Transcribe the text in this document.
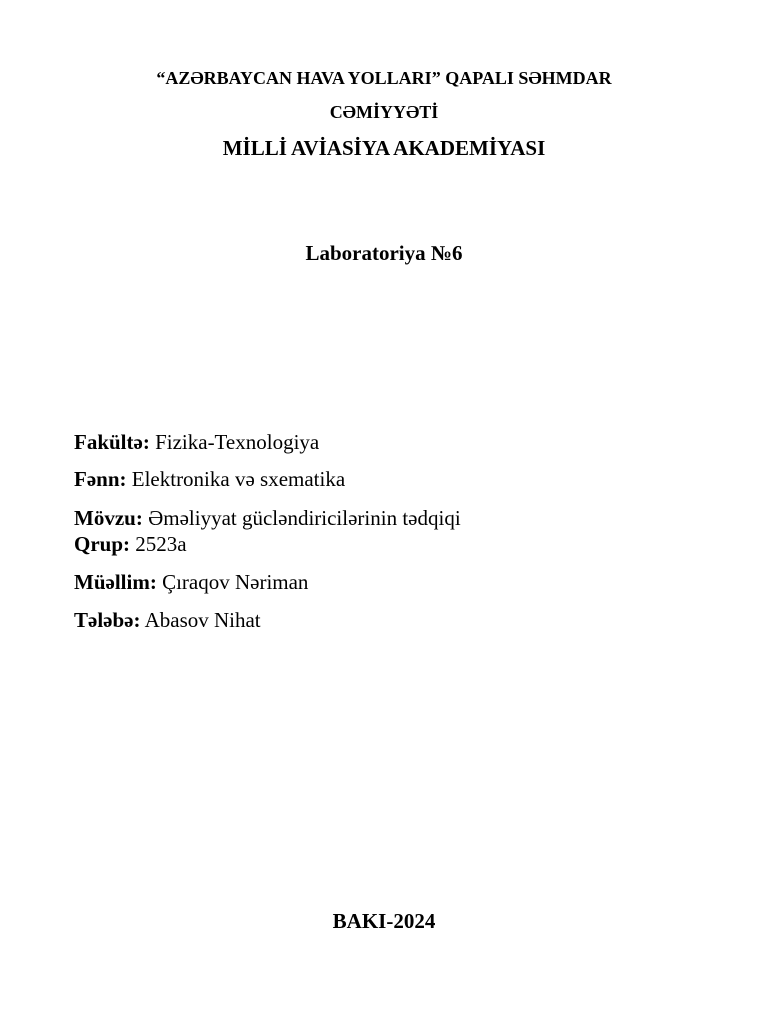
“AZƏRBAYCAN HAVA YOLLARI” QAPALI SƏHMDAR
CƏMİYYƏTİ
MİLLİ AVİASİYA AKADEMİYASI
Laboratoriya №6
Fakültə: Fizika-Texnologiya
Fənn: Elektronika və sxematika
Mövzu: Əməliyyat gücləndiricilərinin tədqiqi
Qrup: 2523a
Müəllim: Çıraqov Nəriman
Tələbə: Abasov Nihat
BAKI-2024
